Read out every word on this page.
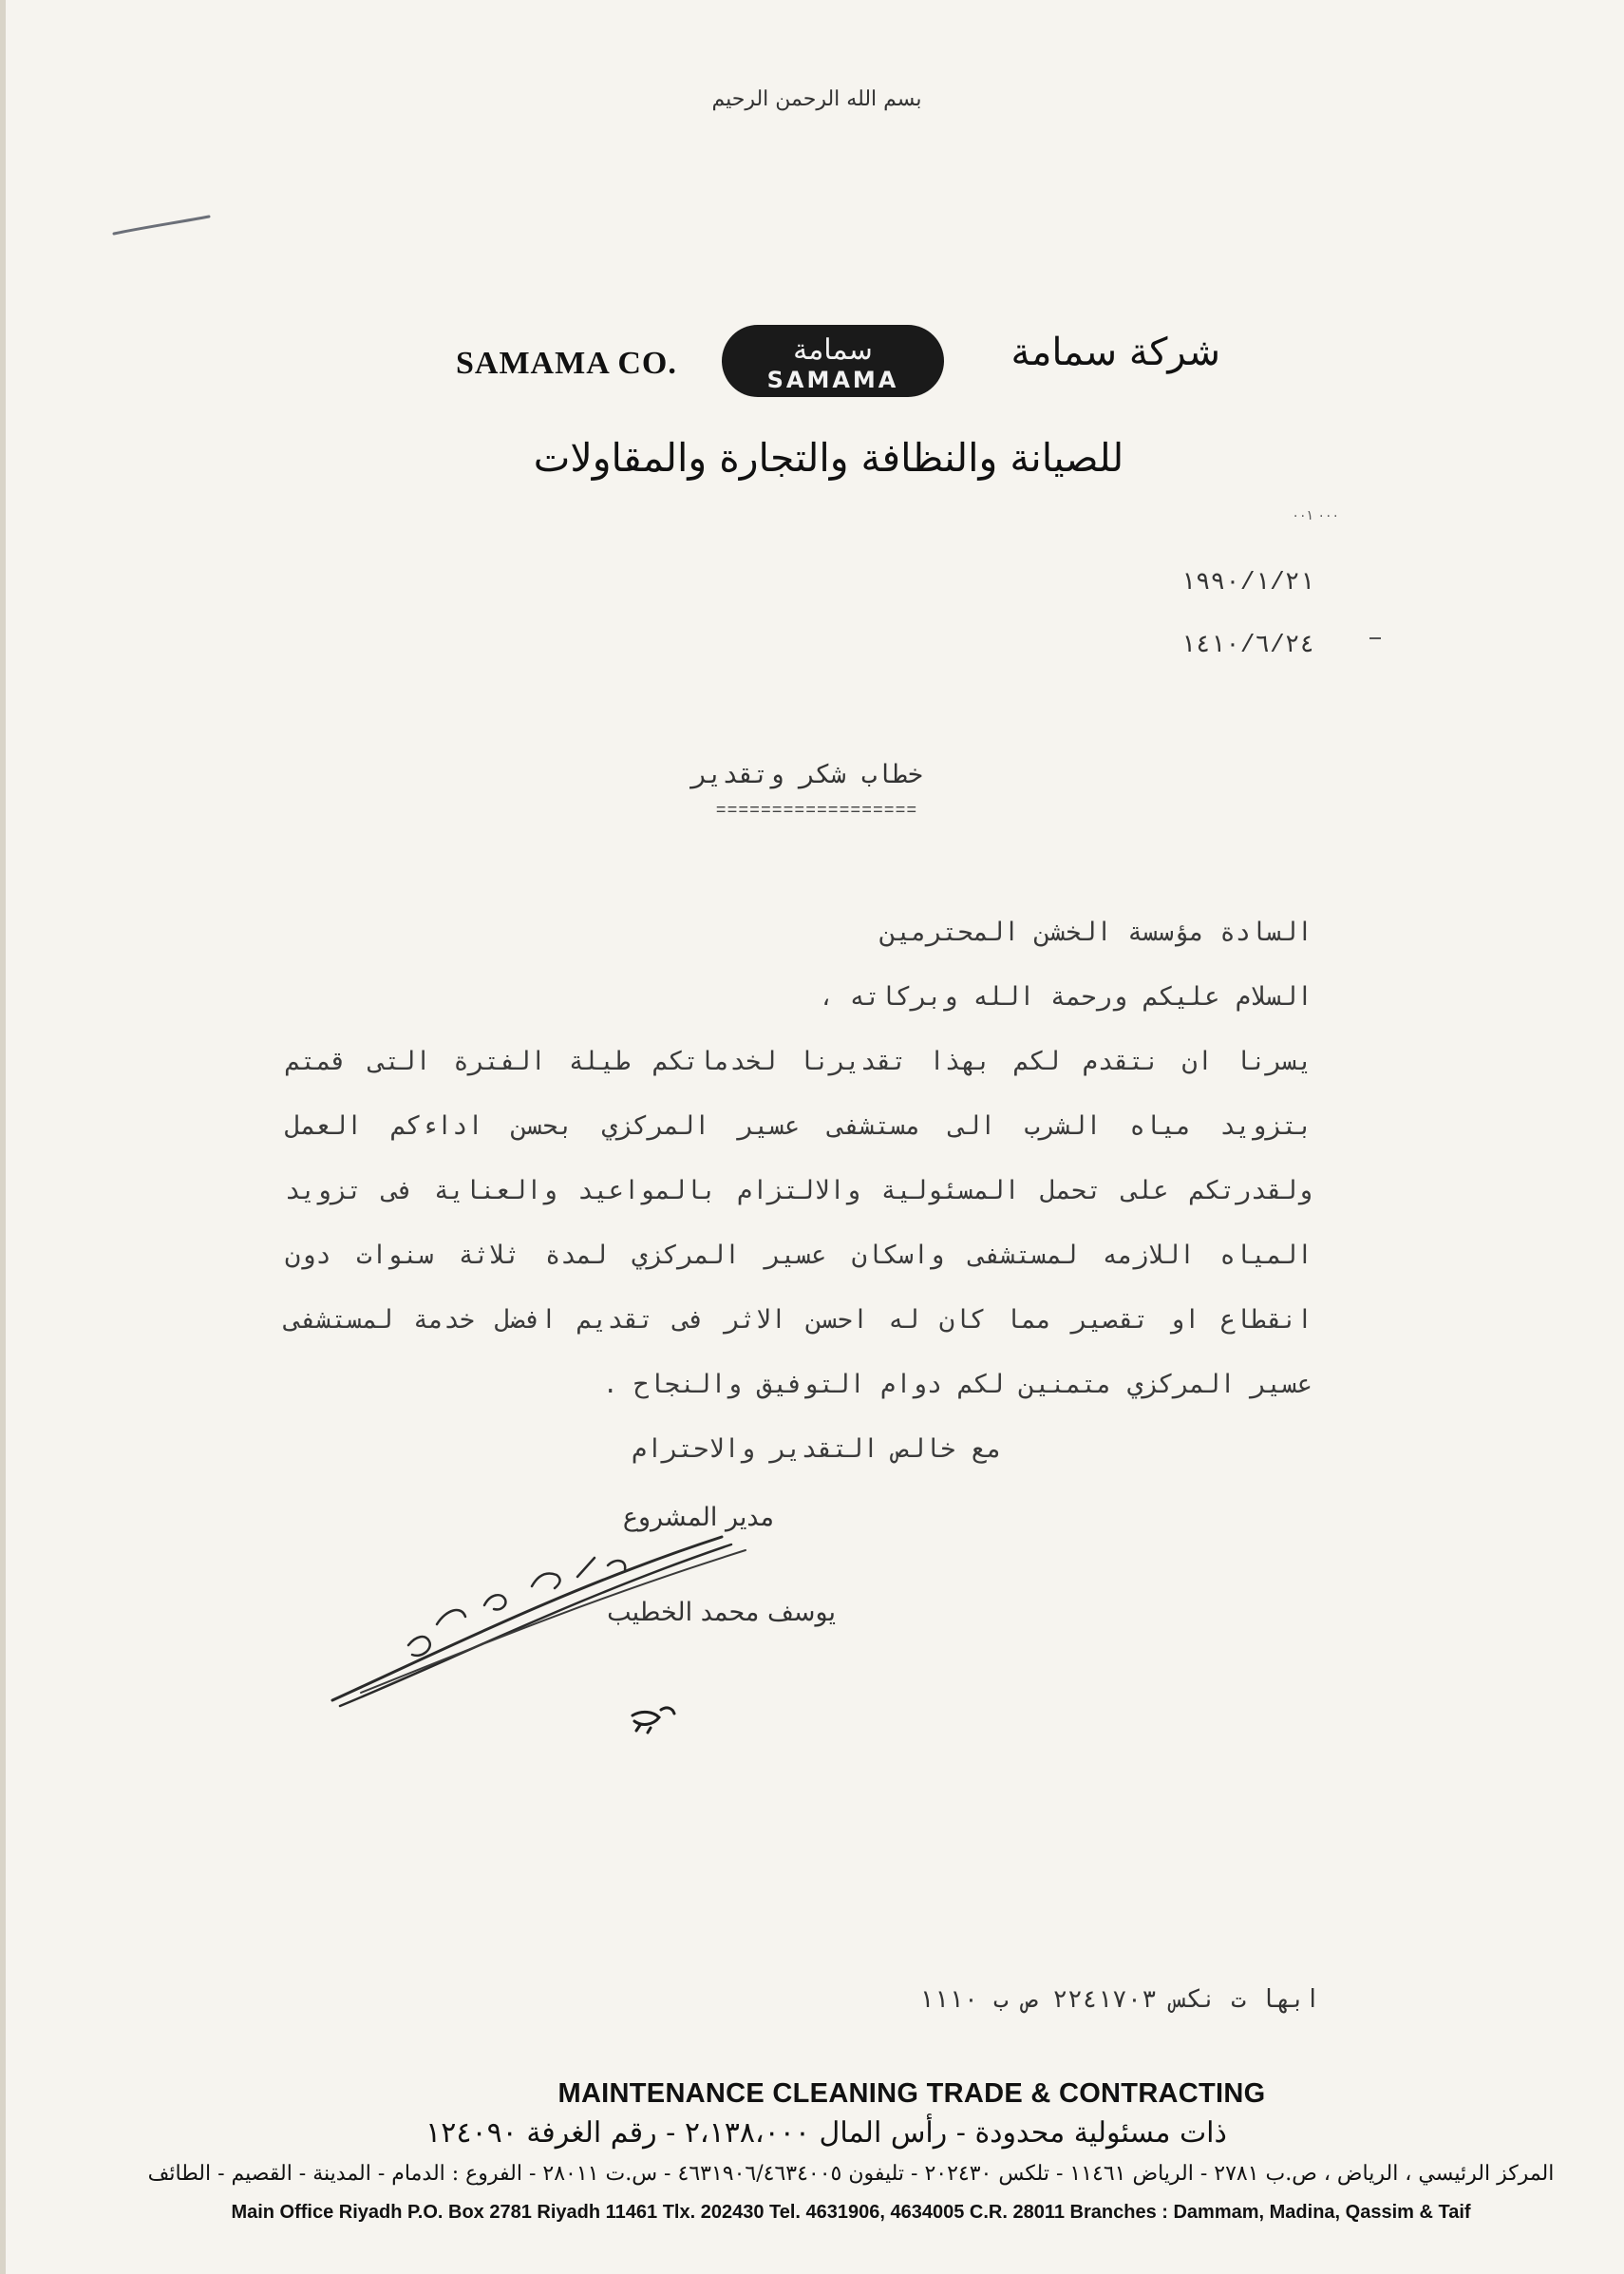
بسم الله الرحمن الرحيم
SAMAMA CO.	سمامة
SAMAMA
شركة سمامة
للصيانة والنظافة والتجارة والمقاولات
٠٠٠ ٠٠١
١٩٩٠/١/٢١
١٤١٠/٦/٢٤
خطاب شكر وتقدير
==================
السادة مؤسسة الخشن المحترمين
السلام عليكم ورحمة الله وبركاته ،
يسرنا ان نتقدم لكم بهذا تقديرنا لخدماتكم طيلة الفترة التى قمتم
بتزويد مياه الشرب الى مستشفى عسير المركزي بحسن اداءكم العمل
ولقدرتكم على تحمل المسئولية والالتزام بالمواعيد والعناية فى تزويد
المياه اللازمه لمستشفى واسكان عسير المركزي لمدة ثلاثة سنوات دون
انقطاع او تقصير مما كان له احسن الاثر فى تقديم افضل خدمة لمستشفى
عسير المركزي متمنين لكم دوام التوفيق والنجاح .
مع خالص التقدير والاحترام
مدير المشروع
يوسف محمد الخطيب
ابها ت نكس ٢٢٤١٧٠٣ ص ب ١١١٠
MAINTENANCE CLEANING TRADE & CONTRACTING
ذات مسئولية محدودة - رأس المال ٢،١٣٨،٠٠٠ - رقم الغرفة ١٢٤٠٩٠
المركز الرئيسي ، الرياض ، ص.ب ٢٧٨١ - الرياض ١١٤٦١ - تلكس ٢٠٢٤٣٠ - تليفون ٤٦٣١٩٠٦/٤٦٣٤٠٠٥ - س.ت ٢٨٠١١ - الفروع : الدمام - المدينة - القصيم - الطائف
Main Office Riyadh P.O. Box 2781 Riyadh 11461 Tlx. 202430 Tel. 4631906, 4634005 C.R. 28011 Branches : Dammam, Madina, Qassim & Taif
